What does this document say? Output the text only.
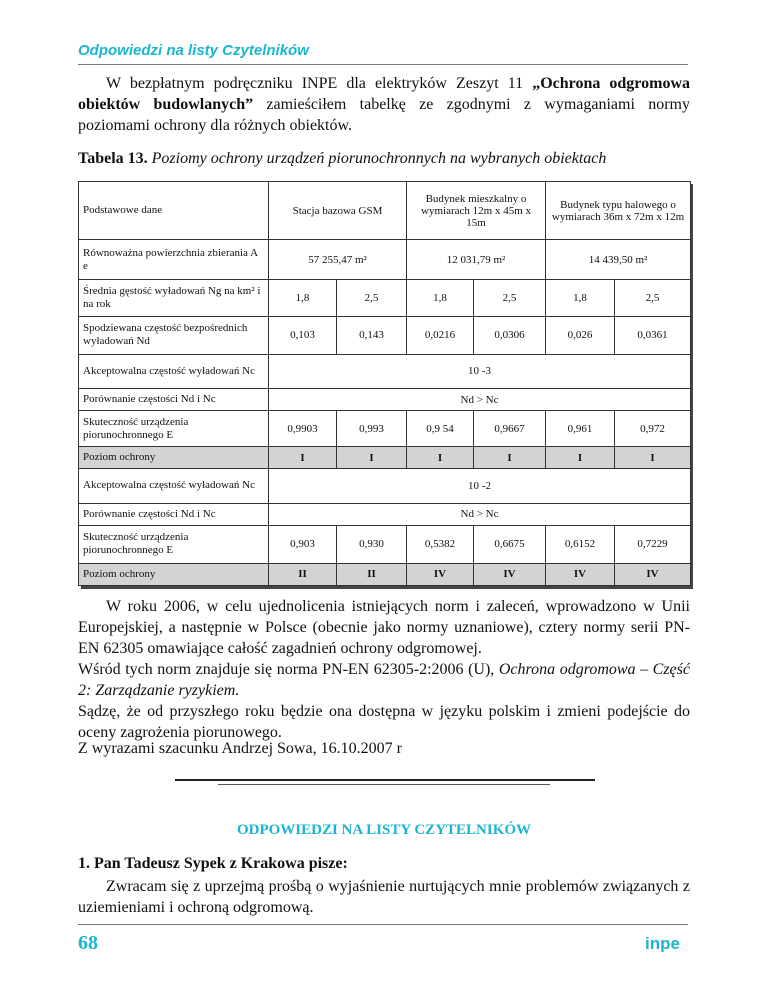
Odpowiedzi na listy Czytelników
W bezpłatnym podręczniku INPE dla elektryków Zeszyt 11 „Ochrona odgromowa obiektów budowlanych” zamieściłem tabelkę ze zgodnymi z wymaganiami normy poziomami ochrony dla różnych obiektów.
Tabela 13. Poziomy ochrony urządzeń piorunochronnych na wybranych obiektach
Podstawowe dane	Stacja bazowa GSM		Budynek mieszkalny o wymiarach 12m x 45m x 15m		Budynek typu halowego o wymiarach 36m x 72m x 12m	
Równoważna powierzchnia zbierania A e	57 255,47 m²		12 031,79 m²		14 439,50 m²	
Średnia gęstość wyładowań Ng na km² i na rok	1,8	2,5	1,8	2,5	1,8	2,5
Spodziewana częstość bezpośrednich wyładowań Nd	0,103	0,143	0,0216	0,0306	0,026	0,0361
Akceptowalna częstość wyładowań Nc	10 -3					
Porównanie częstości Nd i Nc	Nd > Nc					
Skuteczność urządzenia piorunochronnego E	0,9903	0,993	0,9 54	0,9667	0,961	0,972
Poziom ochrony	I	I	I	I	I	I
Akceptowalna częstość wyładowań Nc	10 -2					
Porównanie częstości Nd i Nc	Nd > Nc					
Skuteczność urządzenia piorunochronnego E	0,903	0,930	0,5382	0,6675	0,6152	0,7229
Poziom ochrony	II	II	IV	IV	IV	IV
W roku 2006, w celu ujednolicenia istniejących norm i zaleceń, wprowadzono w Unii Europejskiej, a następnie w Polsce (obecnie jako normy uznaniowe), cztery normy serii PN-EN 62305 omawiające całość zagadnień ochrony odgromowej.
Wśród tych norm znajduje się norma PN-EN 62305-2:2006 (U), Ochrona odgromowa – Część 2: Zarządzanie ryzykiem.
Sądzę, że od przyszłego roku będzie ona dostępna w języku polskim i zmieni podejście do oceny zagrożenia piorunowego.
Z wyrazami szacunku Andrzej Sowa, 16.10.2007 r
ODPOWIEDZI NA LISTY CZYTELNIKÓW
1. Pan Tadeusz Sypek z Krakowa pisze:
Zwracam się z uprzejmą prośbą o wyjaśnienie nurtujących mnie problemów związanych z uziemieniami i ochroną odgromową.
68	inpe
